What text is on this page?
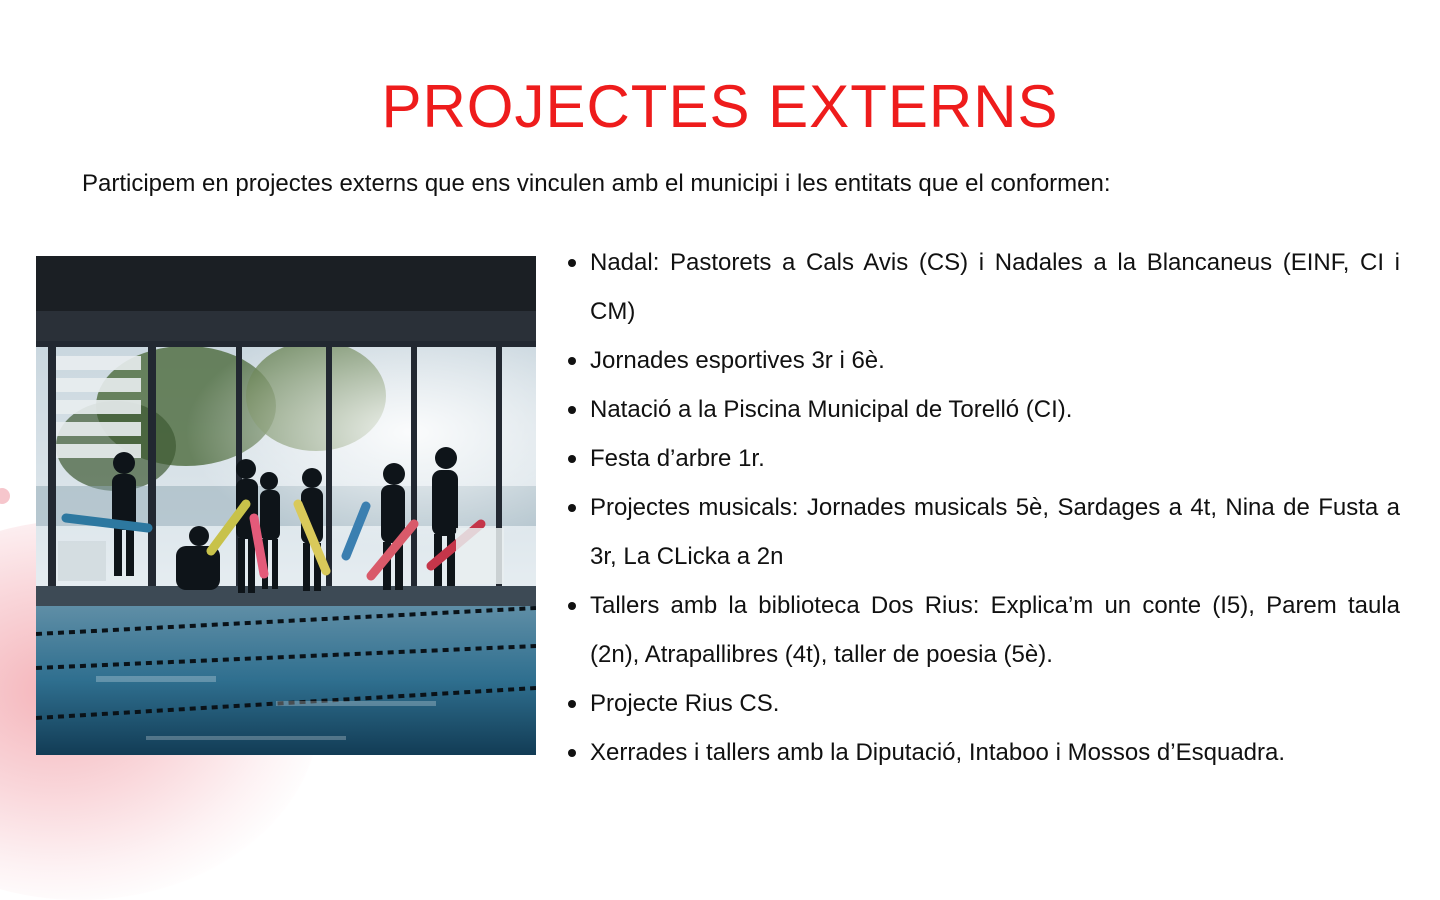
PROJECTES EXTERNS

Participem en projectes externs que ens vinculen amb el municipi i les entitats que el conformen:

Nadal: Pastorets a Cals Avis (CS) i Nadales a la Blancaneus (EINF, CI i CM)
Jornades esportives 3r i 6è.
Natació a la Piscina Municipal de Torelló (CI).
Festa d’arbre 1r.
Projectes musicals: Jornades musicals 5è, Sardages a 4t, Nina de Fusta a 3r, La CLicka a 2n
Tallers amb la biblioteca Dos Rius: Explica’m un conte (I5), Parem taula (2n), Atrapallibres (4t), taller de poesia (5è).
Projecte Rius CS.
Xerrades i tallers amb la Diputació, Intaboo i Mossos d’Esquadra.
